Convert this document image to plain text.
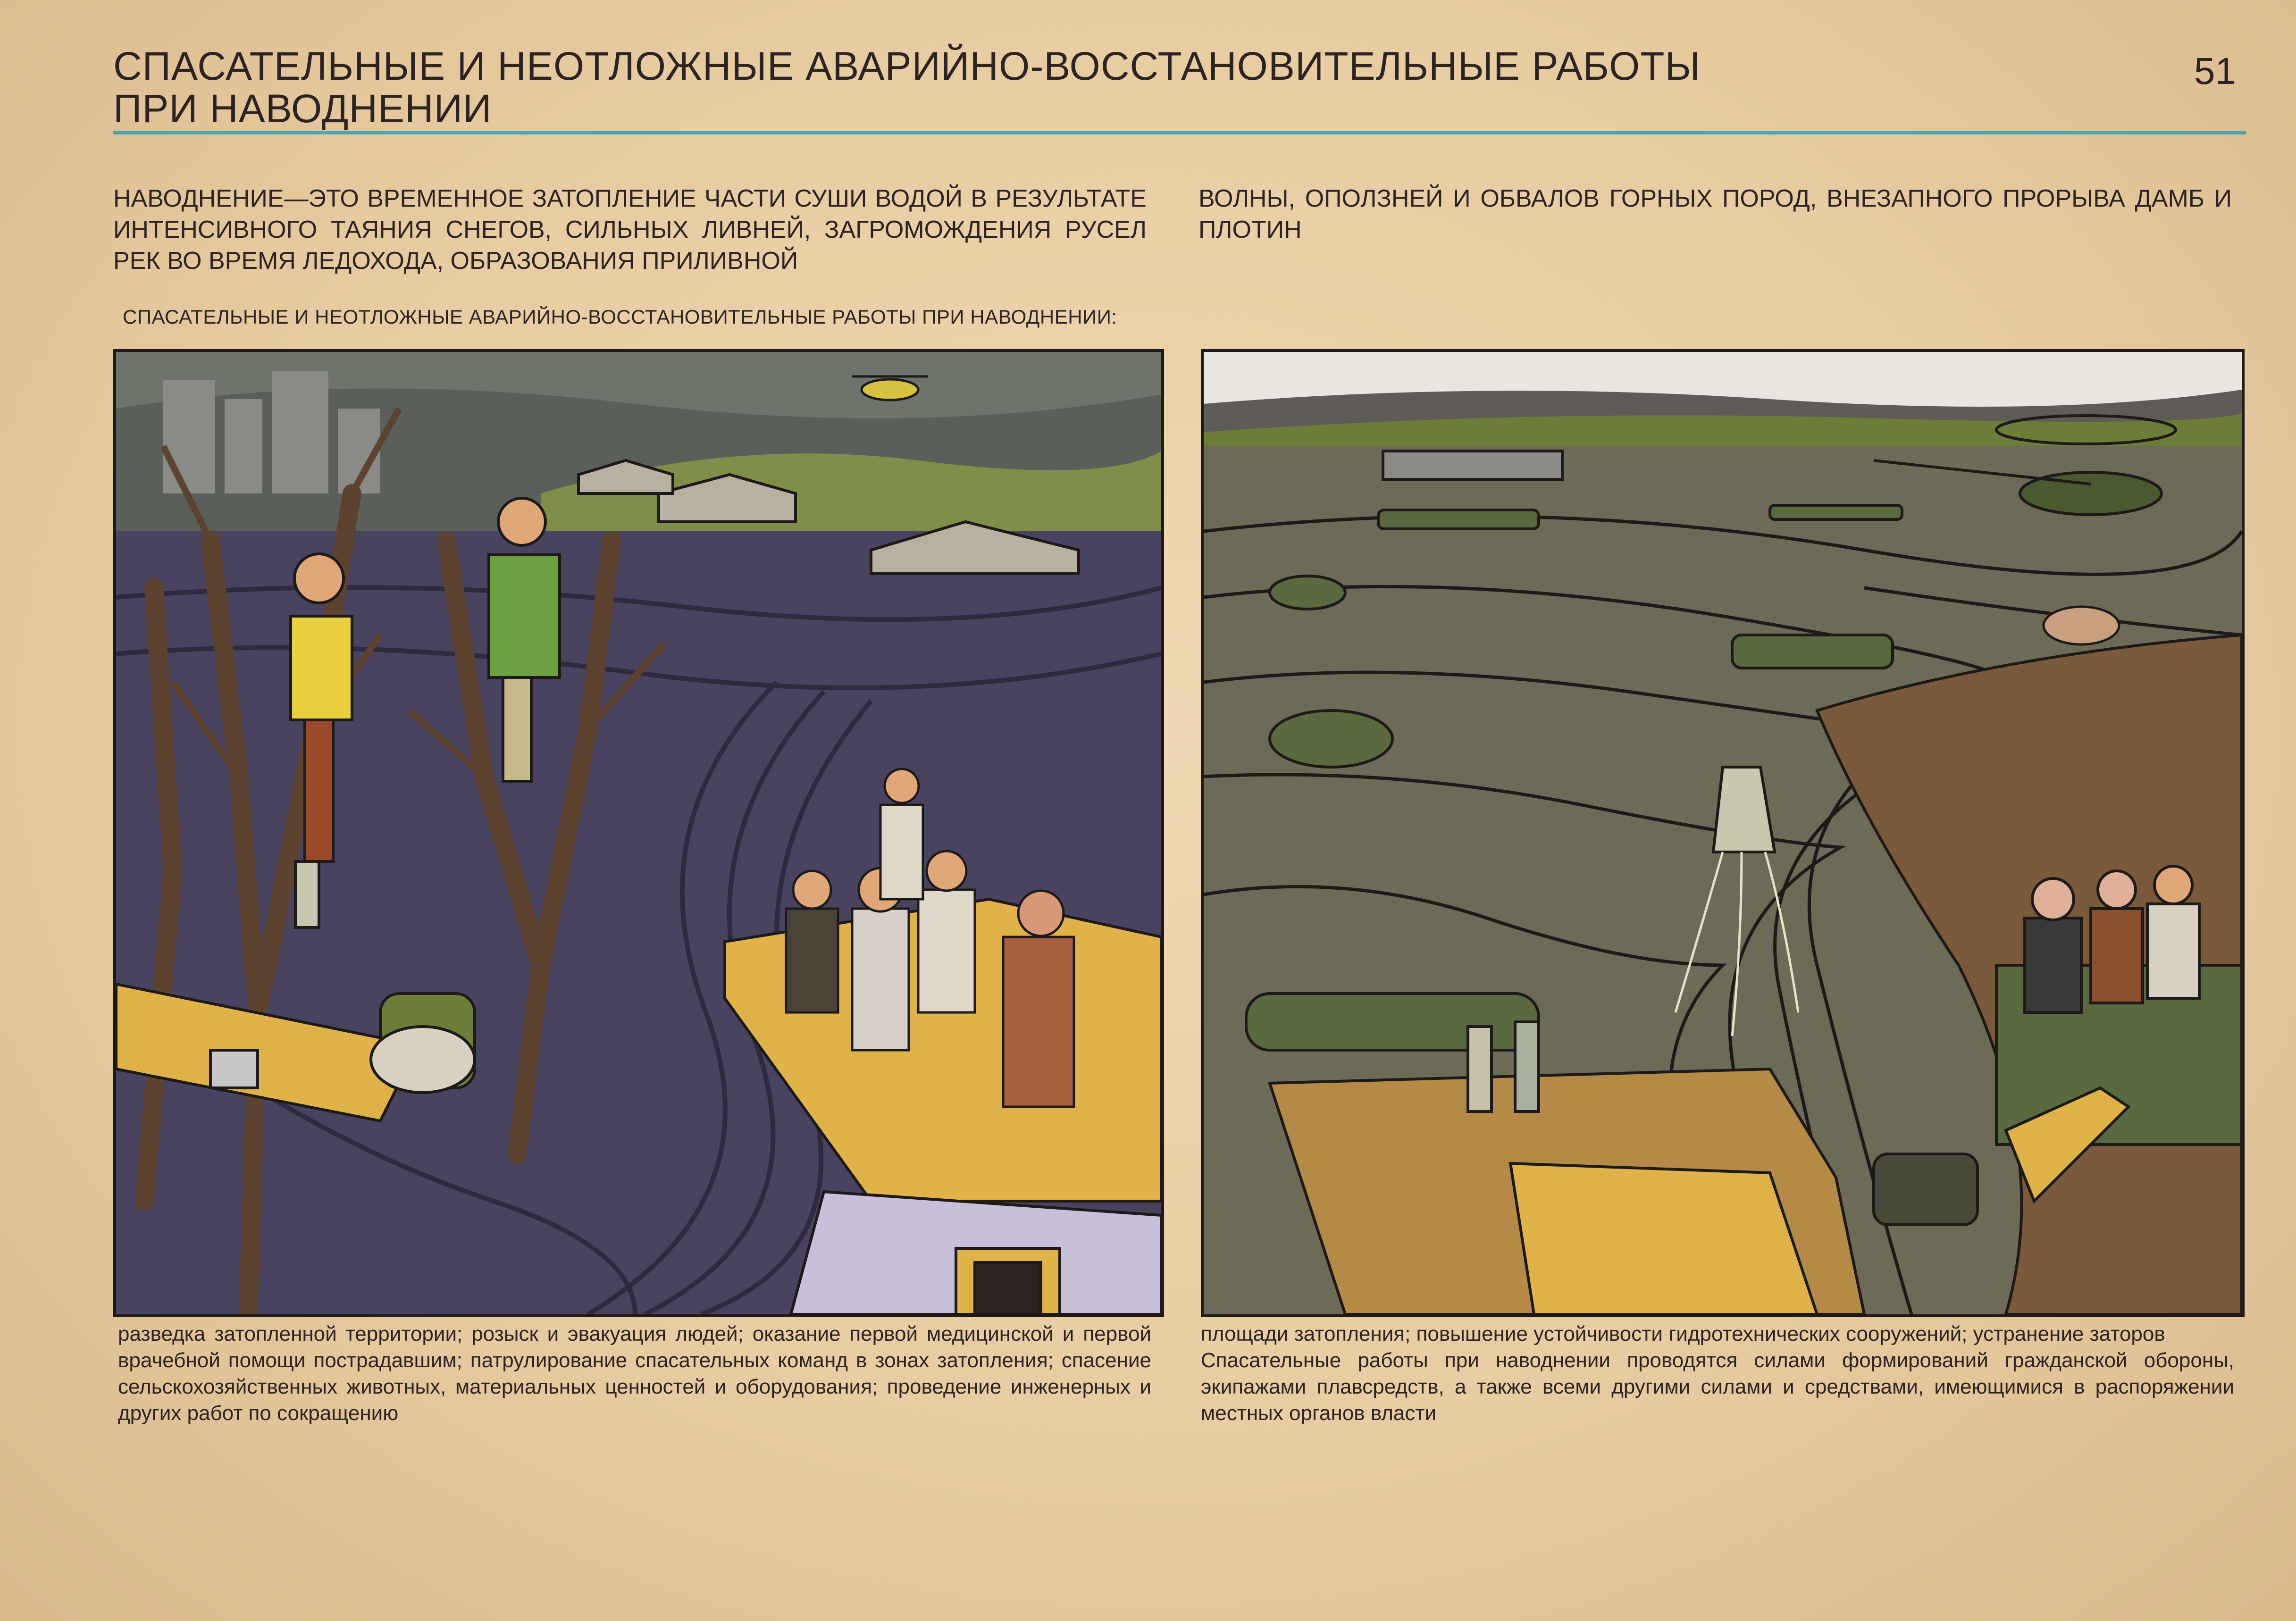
СПАСАТЕЛЬНЫЕ И НЕОТЛОЖНЫЕ АВАРИЙНО-ВОССТАНОВИТЕЛЬНЫЕ РАБОТЫ
ПРИ НАВОДНЕНИИ
51

НАВОДНЕНИЕ—ЭТО ВРЕМЕННОЕ ЗАТОПЛЕНИЕ ЧАСТИ СУШИ ВОДОЙ В РЕЗУЛЬТАТЕ ИНТЕНСИВНОГО ТАЯНИЯ СНЕГОВ, СИЛЬНЫХ ЛИВНЕЙ, ЗАГРОМОЖДЕНИЯ РУСЕЛ РЕК ВО ВРЕМЯ ЛЕДОХОДА, ОБРАЗОВАНИЯ ПРИЛИВНОЙ

ВОЛНЫ, ОПОЛЗНЕЙ И ОБВАЛОВ ГОРНЫХ ПОРОД, ВНЕЗАПНОГО ПРОРЫВА ДАМБ И ПЛОТИН

СПАСАТЕЛЬНЫЕ И НЕОТЛОЖНЫЕ АВАРИЙНО-ВОССТАНОВИТЕЛЬНЫЕ РАБОТЫ ПРИ НАВОДНЕНИИ:

разведка затопленной территории; розыск и эвакуация людей; оказание первой медицинской и первой врачебной помощи пострадавшим; патрулирование спасательных команд в зонах затопления; спасение сельскохозяйственных животных, материальных ценностей и оборудования; проведение инженерных и других работ по сокращению

площади затопления; повышение устойчивости гидротехнических сооружений; устранение заторов

Спасательные работы при наводнении проводятся силами формирований гражданской обороны, экипажами плавсредств, а также всеми другими силами и средствами, имеющимися в распоряжении местных органов власти
